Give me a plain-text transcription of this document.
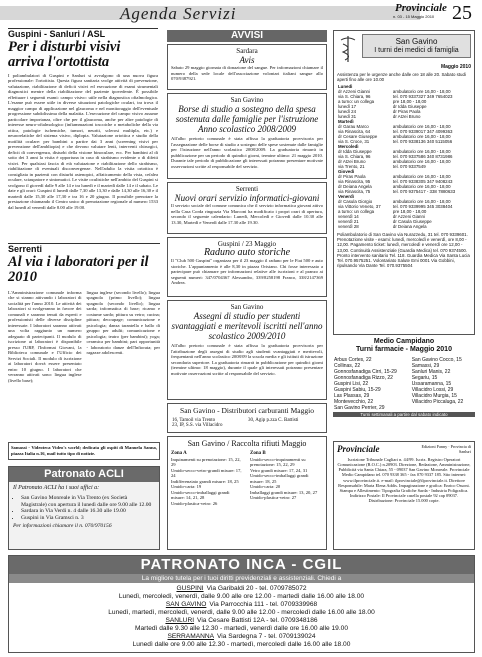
Agenda Servizi	Provinciale
n. 03 - 15 Maggio 2010 25
Guspini - Sanluri / ASL
Per i disturbi visivi arriva l'ortottista
I poliambulatori di Guspini e Sanluri si avvalgono di una nuova figura professionale: l'ortottista. Questa figura sanitaria svolge attività di prevenzione, valutazione, riabilitazione di deficit visivi ed esecuzione di esami strumentali diagnostici mentre della riabilitazione del paziente ipovedente. È possibile effettuare i seguenti esami: campo visivo: utile nella diagnostica oftalmologica. L'esame può essere utile in diverse situazioni patologiche oculari, tra trova il maggior campo di applicazione nel glaucoma e nel monitoraggio dell'eventuale progressione subdolissima della malattia. L'esecuzione del campo visivo assume particolare importanza, oltre che per il glaucoma, anche per altre patologie di interesse neuro-oftalmologico (infiammazioni toscoiche o metaboliche della via ottica, patologie ischemiche, tumori, neuriti, sclerosi multipla, etc.) e neurorelatiche del sistema visivo, diplopia. Valutazione ortottica e studio della motilità oculare: per bambini a partire dai 3 anni (screening visivi per prevenzione dell'ambliopia) e che devono valutare lenti, interventi chirurgici, deficit di convergenza, disturbi della visione binoculare, ecc. Per bambini al di sotto dei 3 anni la visita è opportuna in caso di strabismo evidente o di difetti visivi. Per qualsiasi fascia di età valutazione e riabilitazione dello strabismo, riabilitazione di eventuali disconvergenze. Nell'adulto la visita ortottica è consigliata in pazienti con disturbi astenopici, affaticamento della vista, cefalea oculare, sciaupatore e sintomatici. Le visite oculistiche nell'ambito del Guspini si svolgono il giovedì dalle 9 alle 14 e tra lunedì e il martedì dalle 14 e il sabato. Le date e gli orari: Guspini il lunedì dalle 7,30 alle 13,30 e dalle 14,30 alle 16,30 e il martedì dalle 15,30 alle 17,30 e tra 16 e 20 giugno. Il possibile prenotare la prestazione chiamando il Centro unico di prenotazione regionale al numero 1533 dal lunedì al venerdì dalle 8.00 alle 19.00.
Serrenti
Al via i laboratori per il 2010
L'Amministrazione comunale informa che si stanno attivando i laboratori di socialità per l'anno 2010. Le attività dei laboratori si svolgeranno in favore dei comunali e saranno tenuti da esperti e professionisti delle diverse discipline interessate. I laboratori saranno attivati una volta raggiunto un numero adeguato di partecipanti. Il modulo di iscrizione ai laboratori è disponibile presso l'URP, l'Informat Giovani, la Biblioteca comunale e l'Ufficio dei Servizi Sociali. Il modulo di iscrizione ai laboratori dovrà essere presentato entro 10 giugno. I laboratori che verranno attivati sono: lingua inglese (livello base);
lingua inglese (secondo livello); lingua spagnola (primo livello); lingua spagnola (secondo livello); lingua sarda; informatica di base; ricamo e costume sardo; pittura su vetro; cucina; pittura; decoupage; comunicazione e psicologia; danza tarantella e ballo di gruppo per adulti; comunicazione e psicologia; teatro (per bambini); yoga; ceramica per bambini; pari opportunità - laboratorio danze dell'Infiorata; per ragazze adolescenti.
Samassi - Videoteca Video's world; dedicata gli ospiti di Manuela Sanna, piazza Italia n.16, mail tutto tipo di notizie.
Patronato ACLI
Il Patronato ACLI ha i suoi uffici a:
• San Gavino Monreale in Via Trento (ex Società Magistrale) con apertura il lunedì dalle ore 9.00 alle 12.00
• Sardara in Via Verdi n. 4 dalle 16.30 alle 19.00
• Guspini in Via Gramsci n. 3
Per informazioni chiamare il n. 070/970156
AVVISI
Sardara
Avis
Sabato 29 maggio giornata di donazione del sangue. Per informazioni chiamare il numero della sede locale dell'associazione volontari italiani sangue allo 070/9387921.
San Gavino
Borse di studio a sostegno della spesa sostenuta dalle famiglie per l'istruzione Anno scolastico 2008/2009
All'albo pretorio comunale è stata affissa la graduatoria provvisoria per l'assegnazione delle borse di studio a sostegno delle spese sostenute dalle famiglie per l'istruzione nell'anno scolastico 2008/2009. La graduatoria rimarrà in pubblicazione per un periodo di quindici giorni, termine ultimo: 21 maggio 2010. Durante tale periodo di pubblicazione gli interessati potranno presentare motivate osservazioni scritte al responsabile del servizio.
Serrenti
Nuovi orari servizio informatici-giovani
Il servizio sociale del comune comunica che il servizio informatica giovani attivo nella Casa Corda ringrazia Via Marconi ha modificato i propri orari di apertura, secondo il seguente calendario: Lunedì, Mercoledì e Giovedì dalle 10.30 alle 13.30, Martedì e Venerdì dalle 17.30 alle 19.30.
Guspini / 23 Maggio
Raduno auto storiche
Il "Club 500 Guspini" organizza per il 23 maggio il raduno per le Fiat 500 e auto storiche. L'appuntamento è alle 8,30 in piazza Oristano. Chi fosse interessato a partecipare può chiamare per informazioni relative alle iscrizioni e al pranzo ai seguenti numeri: 347/0704367 Alessandro, 339/8258198 Franco, 338/2147369 Andrea.
San Gavino
Assegni di studio per studenti svantaggiati e meritevoli iscritti nell'anno scolastico 2009/2010
All'albo pretorio comunale è stata affissa la graduatoria provvisoria per l'attribuzione degli assegni di studio agli studenti svantaggiati e meritevoli, frequentanti nell'anno scolastico 2008/09 la scuola media e gli istituti di istruzione secondaria superiore. La graduatoria rimarrà in pubblicazione per quindici giorni (termine ultimo: 18 maggio), durante il quale gli interessati potranno presentare motivate osservazioni scritte al responsabile del servizio.
San Gavino - Distributori carburanti Maggio
16, Tamoil via Trento	30, Agip p.zza C. Battisti
23, IP, S.S. via Villacidro	
San Gavino / Raccolta rifiuti Maggio
Zona A
Inquinamenti su prenotazione: 15, 22, 29
Umido-secco-vetro-grandi misure: 17, 24
Indifferenziato grandi misure: 18, 25
Umido-carta: 19
Umido-secco-imballaggi grandi misure: 14, 21, 28
Umido-plastica-vetro: 26
Zona B
Umido-secco-inquinamenti su prenotazione: 15, 22, 29
Vetro grandi misure: 17, 24, 31
Umido-secco-imballaggi grandi misure: 18, 25
Umido-carta: 20
Imballaggi grandi misure: 13, 20, 27
Umido-plastica-vetro: 27
San Gavino
I turni dei medici di famiglia
Maggio 2010
Assistenza per le urgenze anche dalle ore 18 alle 20. Sabato studi aperti fino alle ore 10.00
Lunedì	
dr Azzeni Gianni	ambulatorio ore 16,00 - 18,00
via S. Chiara, 96	tel. 070 9337327 349 7654023
a turno: un collega	pre 18,00 - 18,00
lunedì 17	dr Idda Giuseppe
lunedì 24	dr Piras Paola
lunedì 31	dr Atzei Bruno
Martedì	
dr Garau Marco	ambulatorio ore 16,00 - 18,00
via Rinascita, 64	tel. 070 9339017 347 4099363
dr Cesare Giuseppe	ambulatorio ore 16,00 - 18,00
via S. Croce, 31	tel. 070 9338136 340 5115056
Mercoledì	
dr Idda Giuseppe	ambulatorio ore 16,00 - 18,00
via S. Chiara, 96	tel. 070 9337586 340 8731986
dr Atzei Bruno	ambulatorio ore 16,00 - 18,00
via Trento, 21	tel. 070 9337549
Giovedì	
dr Piras Paola	ambulatorio ore 16,00 - 18,00
via Rinascita, 95	tel. 070 9338305 347 9408243
dr Deiana Angela	ambulatorio ore 16,00 - 18,00
via Rinascita, 75	tel. 070 9375417 - 338 7880633
Venerdì	
dr Casula Giorgio	ambulatorio ore 16,00 - 18,00
via Vittorio Veneto, 37	tel. 070 9339995 345 3038404
a turno: un collega	pre 18,00 - 18,00
venerdì 14	dr Azzeni Gianni
venerdì 21	dr Casula Giuseppe
venerdì 28	dr Deiana Angela
Poliambulatorio di San Gavino via Nurazzedu, 31 tel. 070 9339601. Prenotazione visite - esami: lunedì, mercoledì e venerdì, ore 8,00 - 12,00. Pagamento ticket: lunedì, mercoledì e venerdì ore 12,00 - 13,00. Continuità Assistenziale (Guardia Medica) tel. 070 9374500. Pronto intervento sanitario Tel. 118. Guardia Medica Via Santa Lucia Tel. 070.9575251. Volontariato Salute Emi 0001 Via Gobbini, ripulsando Via Dante Tel. 070.9375504
Medio Campidano
Turni farmacie - Maggio 2010
Arbus Cortes, 22	San Gavino Cocco, 15
Collinas, 22	Samassi, 29
Gonnosfanadiga Cirri, 15-29	Sanluri Manis, 22
Gonnosfanadiga Rizzo, 22	Segariu, 15
Guspini Lisi, 22	Ussaramanna, 15
Guspini Sabiu, 15-29	Villacidro Lossi, 29
Las Plassas, 29	Villacidro Murgia, 15
Montevecchio, 22	Villacidro Piccaluga, 22
San Gavino Perrier, 29	
Turni settimanali a partire dal sabato indicato
Provinciale	Edizioni Fanny · Provincia di Sanluri
Iscrizione Tribunale Cagliari n. 44/99. Iscriz. Registro Operatori Comunicazione (R.O.C.) n.20903. Direzione, Redazione, Amministrazione, Pubblicità via Santa Chiara, 55 - 09037 San Gavino Monreale. Provinciale Medio Campidano tel. 070 9338 365 - fax 070 9337 185. Sito internet: www.ilprovinciale.it. e-mail: ilprovinciale@ilprovinciale.it. Direttore Responsabile: Maria Elena Addis. Impaginazione e grafica: Enrico Ossoni. Stampa e Allestimento: Tipografia Grafiche Sarda - Industria Poligrafica. Indirizzo Postale: Il Provinciale casella postale 92 cap 09037. Distribuzione: Provinciale 15.000 copie.
PATRONATO INCA - CGIL
La migliore tutela per i tuoi diritti previdenziali e assistenziali. Chiedi a
GUSPINI Via Garibaldi 20 - tel. 0709785072
Lunedì, mercoledì, venerdì, dalle 9.00 alle ore 12.00 - martedì dalle 16.00 alle 18.00
SAN GAVINO Via Parrocchia 111 - tel. 0709339968
Lunedì, martedì, mercoledì, venerdì, dalle 9.00 alle 12.00 - mercoledì dalle 16.00 alle 18.00
SANLURI Via Cesare Battisti 12A - tel. 0709348186
Martedì dalle 9.30 alle 12.30 - martedì, venerdì dalle ore 16.00 alle 19.00
SERRAMANNA Via Sardegna 7 - tel. 0709139024
Lunedì dalle ore 9.00 alle 12.30 - martedì, mercoledì dalle 16.00 alle 18.00
